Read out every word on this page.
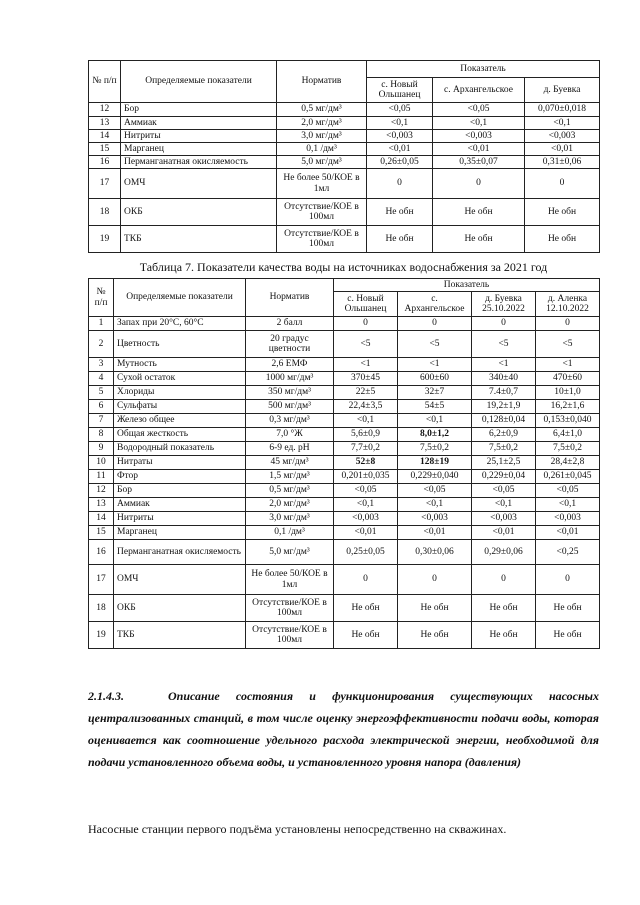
№ п/п	Определяемые показатели	Норматив	Показатель		
			с. Новый Ольшанец	с. Архангельское	д. Буевка
12	Бор	0,5 мг/дм³	<0,05	<0,05	0,070±0,018
13	Аммиак	2,0 мг/дм³	<0,1	<0,1	<0,1
14	Нитриты	3,0 мг/дм³	<0,003	<0,003	<0,003
15	Марганец	0,1 /дм³	<0,01	<0,01	<0,01
16	Перманганатная окисляемость	5,0 мг/дм³	0,26±0,05	0,35±0,07	0,31±0,06
17	ОМЧ	Не более 50/КОЕ в 1мл	0	0	0
18	ОКБ	Отсутствие/КОЕ в 100мл	Не обн	Не обн	Не обн
19	ТКБ	Отсутствие/КОЕ в 100мл	Не обн	Не обн	Не обн
Таблица 7. Показатели качества воды на источниках водоснабжения за 2021 год
№ п/п	Определяемые показатели	Норматив	Показатель			
			с. Новый Ольшанец	с. Архангельское	д. Буевка 25.10.2022	д. Аленка 12.10.2022
1	Запах при 20°С, 60°С	2 балл	0	0	0	0
2	Цветность	20 градус цветности	<5	<5	<5	<5
3	Мутность	2,6 ЕМФ	<1	<1	<1	<1
4	Сухой остаток	1000 мг/дм³	370±45	600±60	340±40	470±60
5	Хлориды	350 мг/дм³	22±5	32±7	7.4±0,7	10±1,0
6	Сульфаты	500 мг/дм³	22,4±3,5	54±5	19,2±1,9	16,2±1,6
7	Железо общее	0,3 мг/дм³	<0,1	<0,1	0,128±0,04	0,153±0,040
8	Общая жесткость	7,0 °Ж	5,6±0,9	8,0±1,2	6,2±0,9	6,4±1,0
9	Водородный показатель	6-9 ед. pH	7,7±0,2	7,5±0,2	7,5±0,2	7,5±0,2
10	Нитраты	45 мг/дм³	52±8	128±19	25,1±2,5	28,4±2,8
11	Фтор	1,5 мг/дм³	0,201±0,035	0,229±0,040	0,229±0,04	0,261±0,045
12	Бор	0,5 мг/дм³	<0,05	<0,05	<0,05	<0,05
13	Аммиак	2,0 мг/дм³	<0,1	<0,1	<0,1	<0,1
14	Нитриты	3,0 мг/дм³	<0,003	<0,003	<0,003	<0,003
15	Марганец	0,1 /дм³	<0,01	<0,01	<0,01	<0,01
16	Перманганатная окисляемость	5,0 мг/дм³	0,25±0,05	0,30±0,06	0,29±0,06	<0,25
17	ОМЧ	Не более 50/КОЕ в 1мл	0	0	0	0
18	ОКБ	Отсутствие/КОЕ в 100мл	Не обн	Не обн	Не обн	Не обн
19	ТКБ	Отсутствие/КОЕ в 100мл	Не обн	Не обн	Не обн	Не обн
2.1.4.3.	Описание состояния и функционирования существующих насосных централизованных станций, в том числе оценку энергоэффективности подачи воды, которая оценивается как соотношение удельного расхода электрической энергии, необходимой для подачи установленного объема воды, и установленного уровня напора (давления)
Насосные станции первого подъёма установлены непосредственно на скважинах.
